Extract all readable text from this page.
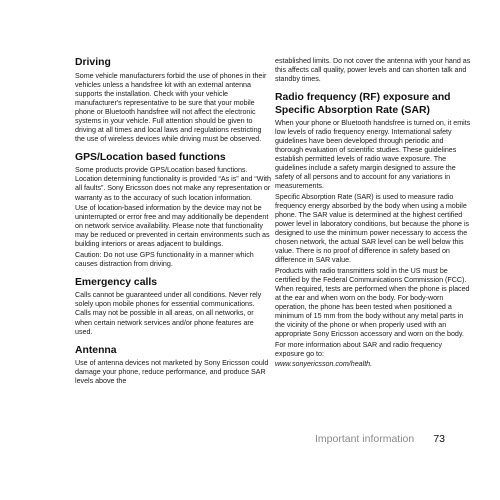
Driving

Some vehicle manufacturers forbid the use of phones in their vehicles unless a handsfree kit with an external antenna supports the installation. Check with your vehicle manufacturer's representative to be sure that your mobile phone or Bluetooth handsfree will not affect the electronic systems in your vehicle. Full attention should be given to driving at all times and local laws and regulations restricting the use of wireless devices while driving must be observed.

GPS/Location based functions

Some products provide GPS/Location based functions. Location determining functionality is provided “As is” and “With all faults”. Sony Ericsson does not make any representation or warranty as to the accuracy of such location information.

Use of location-based information by the device may not be uninterrupted or error free and may additionally be dependent on network service availability. Please note that functionality may be reduced or prevented in certain environments such as building interiors or areas adjacent to buildings.

Caution: Do not use GPS functionality in a manner which causes distraction from driving.

Emergency calls

Calls cannot be guaranteed under all conditions. Never rely solely upon mobile phones for essential communications. Calls may not be possible in all areas, on all networks, or when certain network services and/or phone features are used.

Antenna

Use of antenna devices not marketed by Sony Ericsson could damage your phone, reduce performance, and produce SAR levels above the

established limits. Do not cover the antenna with your hand as this affects call quality, power levels and can shorten talk and standby times.

Radio frequency (RF) exposure and Specific Absorption Rate (SAR)

When your phone or Bluetooth handsfree is turned on, it emits low levels of radio frequency energy. International safety guidelines have been developed through periodic and thorough evaluation of scientific studies. These guidelines establish permitted levels of radio wave exposure. The guidelines include a safety margin designed to assure the safety of all persons and to account for any variations in measurements.

Specific Absorption Rate (SAR) is used to measure radio frequency energy absorbed by the body when using a mobile phone. The SAR value is determined at the highest certified power level in laboratory conditions, but because the phone is designed to use the minimum power necessary to access the chosen network, the actual SAR level can be well below this value. There is no proof of difference in safety based on difference in SAR value.

Products with radio transmitters sold in the US must be certified by the Federal Communications Commission (FCC). When required, tests are performed when the phone is placed at the ear and when worn on the body. For body-worn operation, the phone has been tested when positioned a minimum of 15 mm from the body without any metal parts in the vicinity of the phone or when properly used with an appropriate Sony Ericsson accessory and worn on the body.

For more information about SAR and radio frequency exposure go to:

www.sonyericsson.com/health.

Important information 73
